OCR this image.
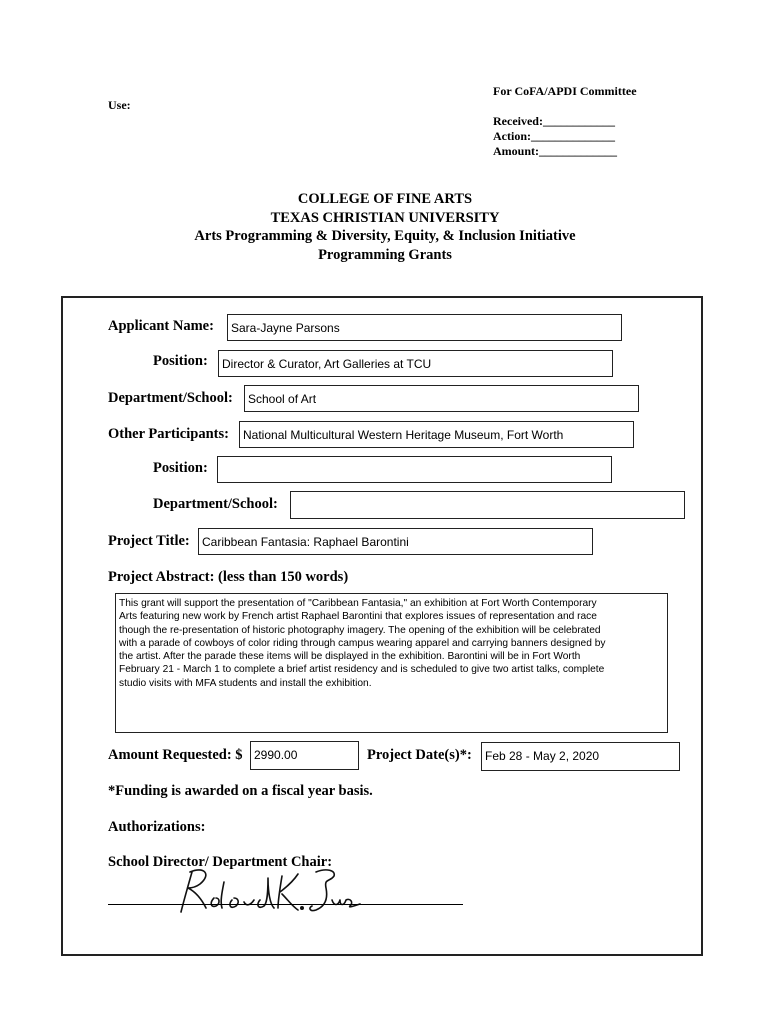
For CoFA/APDI Committee
Use:
Received:____________
Action:______________
Amount:_____________
COLLEGE OF FINE ARTS
TEXAS CHRISTIAN UNIVERSITY
Arts Programming & Diversity, Equity, & Inclusion Initiative
Programming Grants
Applicant Name:	Sara-Jayne Parsons
Position:	Director & Curator, Art Galleries at TCU
Department/School:	School of Art
Other Participants:	National Multicultural Western Heritage Museum, Fort Worth
Position:
Department/School:
Project Title:	Caribbean Fantasia: Raphael Barontini
Project Abstract: (less than 150 words)
This grant will support the presentation of "Caribbean Fantasia," an exhibition at Fort Worth Contemporary
Arts featuring new work by French artist Raphael Barontini that explores issues of representation and race
though the re-presentation of historic photography imagery. The opening of the exhibition will be celebrated
with a parade of cowboys of color riding through campus wearing apparel and carrying banners designed by
the artist. After the parade these items will be displayed in the exhibition. Barontini will be in Fort Worth
February 21 - March 1 to complete a brief artist residency and is scheduled to give two artist talks, complete
studio visits with MFA students and install the exhibition.
Amount Requested: $ 2990.00	Project Date(s)*:	Feb 28 - May 2, 2020
*Funding is awarded on a fiscal year basis.
Authorizations:
School Director/ Department Chair:
